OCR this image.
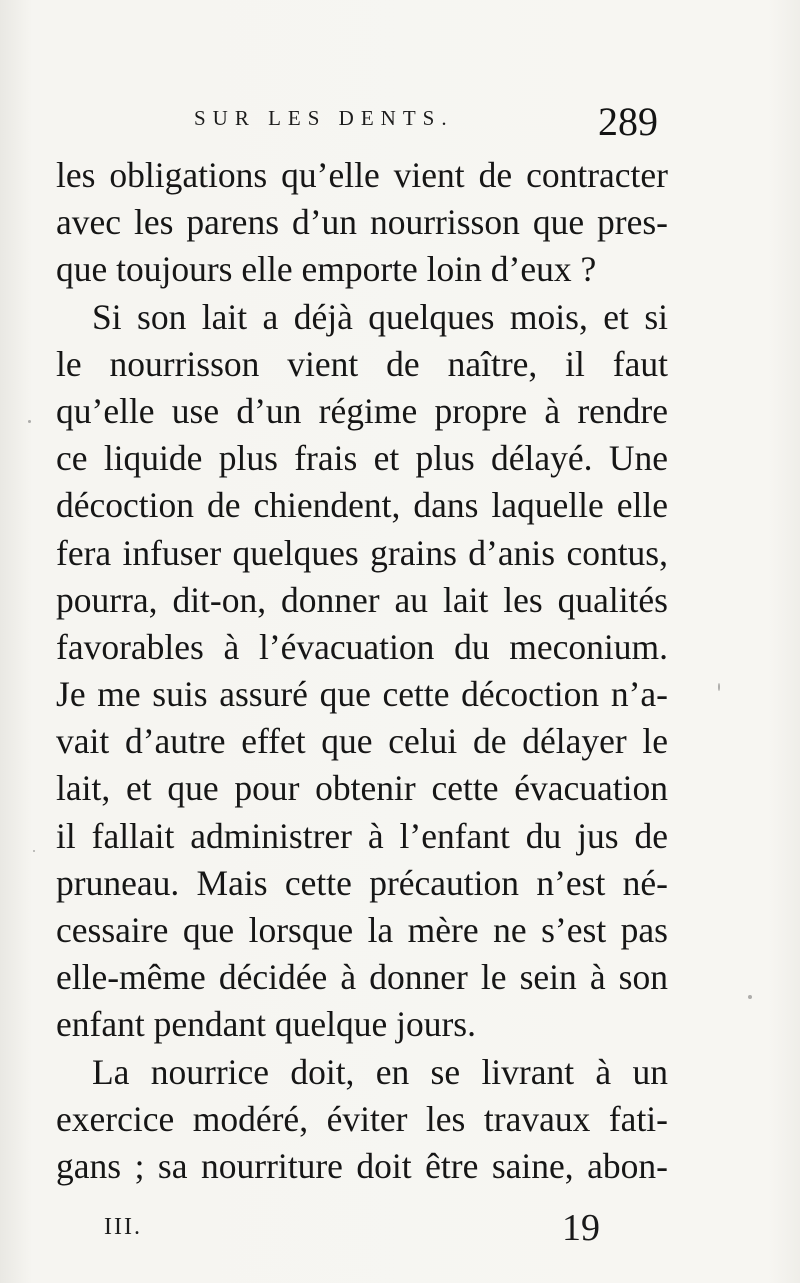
SUR LES DENTS.	289
les obligations qu’elle vient de contracter
avec les parens d’un nourrisson que pres-
que toujours elle emporte loin d’eux ?
Si son lait a déjà quelques mois, et si
le nourrisson vient de naître, il faut
qu’elle use d’un régime propre à rendre
ce liquide plus frais et plus délayé. Une
décoction de chiendent, dans laquelle elle
fera infuser quelques grains d’anis contus,
pourra, dit-on, donner au lait les qualités
favorables à l’évacuation du meconium.
Je me suis assuré que cette décoction n’a-
vait d’autre effet que celui de délayer le
lait, et que pour obtenir cette évacuation
il fallait administrer à l’enfant du jus de
pruneau. Mais cette précaution n’est né-
cessaire que lorsque la mère ne s’est pas
elle-même décidée à donner le sein à son
enfant pendant quelque jours.
La nourrice doit, en se livrant à un
exercice modéré, éviter les travaux fati-
gans ; sa nourriture doit être saine, abon-
III.	19
